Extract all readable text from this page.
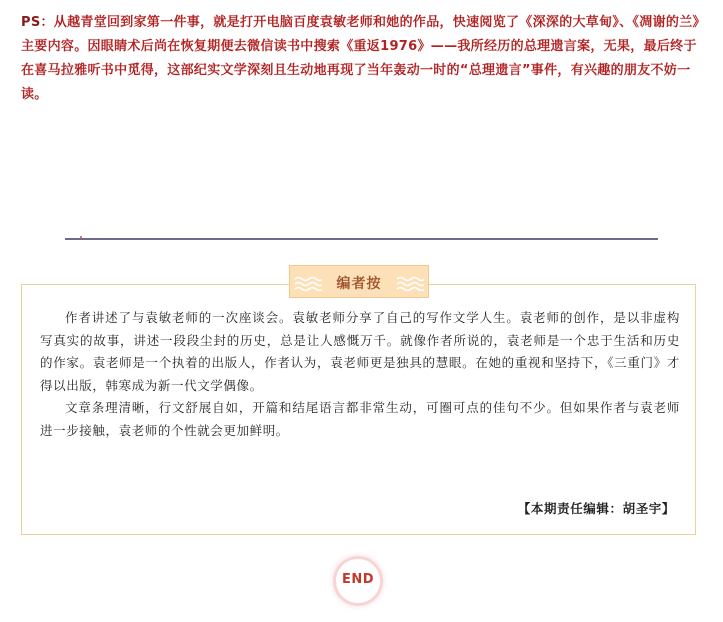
PS：从越青堂回到家第一件事，就是打开电脑百度袁敏老师和她的作品，快速阅览了《深深的大草甸》、《凋谢的兰》主要内容。因眼睛术后尚在恢复期便去微信读书中搜索《重返1976》——我所经历的总理遗言案，无果，最后终于在喜马拉雅听书中觅得，这部纪实文学深刻且生动地再现了当年轰动一时的“总理遗言”事件，有兴趣的朋友不妨一读。

编者按

作者讲述了与袁敏老师的一次座谈会。袁敏老师分享了自己的写作文学人生。袁老师的创作，是以非虚构写真实的故事，讲述一段段尘封的历史，总是让人感慨万千。就像作者所说的，袁老师是一个忠于生活和历史的作家。袁老师是一个执着的出版人，作者认为，袁老师更是独具的慧眼。在她的重视和坚持下，《三重门》才得以出版，韩寒成为新一代文学偶像。

文章条理清晰，行文舒展自如，开篇和结尾语言都非常生动，可圈可点的佳句不少。但如果作者与袁老师进一步接触，袁老师的个性就会更加鲜明。

【本期责任编辑：胡圣宇】
END
